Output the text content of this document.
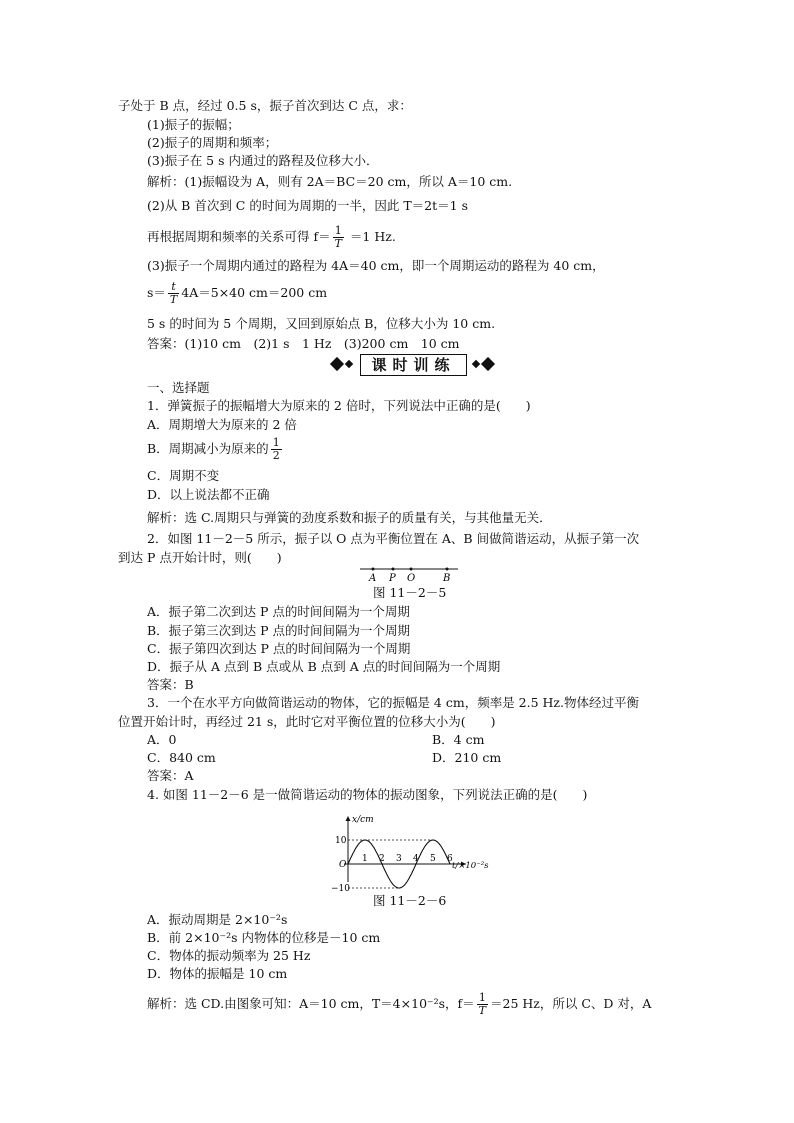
子处于 B 点，经过 0.5 s，振子首次到达 C 点，求：
(1)振子的振幅；
(2)振子的周期和频率；
(3)振子在 5 s 内通过的路程及位移大小．
解析：(1)振幅设为 A，则有 2A＝BC＝20 cm，所以 A＝10 cm.
(2)从 B 首次到 C 的时间为周期的一半，因此 T＝2t＝1 s
再根据周期和频率的关系可得 $f= \frac{1}{T} =1$ Hz.
(3)振子一个周期内通过的路程为 4A＝40 cm，即一个周期运动的路程为 40 cm，
$s= \frac{t}{T} 4A=5\times 40$ cm＝200 cm
5 s 的时间为 5 个周期，又回到原始点 B，位移大小为 10 cm.
答案：(1)10 cm　(2)1 s　1 Hz　(3)200 cm　10 cm
课时训练
一、选择题
1．弹簧振子的振幅增大为原来的 2 倍时，下列说法中正确的是(　　)
A．周期增大为原来的 2 倍
B．周期减小为原来的 $\frac{1}{2}$
C．周期不变
D．以上说法都不正确
解析：选 C.周期只与弹簧的劲度系数和振子的质量有关，与其他量无关．
2．如图 11－2－5 所示，振子以 O 点为平衡位置在 A、B 间做简谐运动，从振子第一次
到达 P 点开始计时，则(　　)
A P O	B
图 11－2－5
A．振子第二次到达 P 点的时间间隔为一个周期
B．振子第三次到达 P 点的时间间隔为一个周期
C．振子第四次到达 P 点的时间间隔为一个周期
D．振子从 A 点到 B 点或从 B 点到 A 点的时间间隔为一个周期
答案：B
3．一个在水平方向做简谐运动的物体，它的振幅是 4 cm，频率是 2.5 Hz.物体经过平衡
位置开始计时，再经过 21 s，此时它对平衡位置的位移大小为(　　)
A．0	B．4 cm
C．840 cm	D．210 cm
答案：A
4. 如图 11－2－6 是一做简谐运动的物体的振动图象，下列说法正确的是(　　)
x/cm
t/×10⁻²s
10
O
−10
1 2 3 4 5 6
图 11－2－6
A．振动周期是 2×10⁻²s
B．前 2×10⁻²s 内物体的位移是－10 cm
C．物体的振动频率为 25 Hz
D．物体的振幅是 10 cm
解析：选 CD.由图象可知：A＝10 cm，T＝4×10⁻²s，$f= \frac{1}{T} =25$ Hz，所以 C、D 对，A
